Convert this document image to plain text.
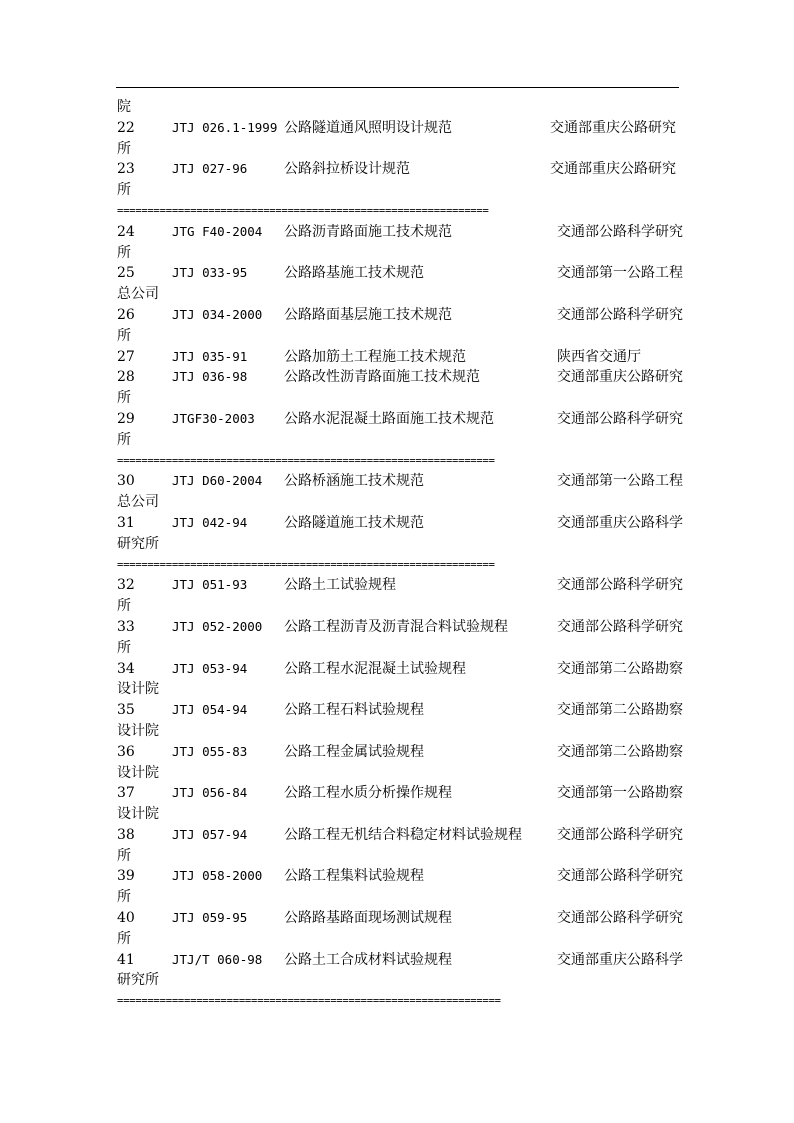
院
22	JTJ 026.1-1999 公路隧道通风照明设计规范	交通部重庆公路研究
所
23	JTJ 027-96	公路斜拉桥设计规范	交通部重庆公路研究
所
=============================================================
24	JTG F40-2004 公路沥青路面施工技术规范	交通部公路科学研究
所
25	JTJ 033-95	公路路基施工技术规范	交通部第一公路工程
总公司
26	JTJ 034-2000 公路路面基层施工技术规范	交通部公路科学研究
所
27	JTJ 035-91	公路加筋土工程施工技术规范	陕西省交通厅
28	JTJ 036-98	公路改性沥青路面施工技术规范	交通部重庆公路研究
所
29	JTGF30-2003 公路水泥混凝土路面施工技术规范	交通部公路科学研究
所
==============================================================
30	JTJ D60-2004 公路桥涵施工技术规范	交通部第一公路工程
总公司
31	JTJ 042-94	公路隧道施工技术规范	交通部重庆公路科学
研究所
==============================================================
32	JTJ 051-93	公路土工试验规程	交通部公路科学研究
所
33	JTJ 052-2000 公路工程沥青及沥青混合料试验规程	交通部公路科学研究
所
34	JTJ 053-94	公路工程水泥混凝土试验规程	交通部第二公路勘察
设计院
35	JTJ 054-94	公路工程石料试验规程	交通部第二公路勘察
设计院
36	JTJ 055-83	公路工程金属试验规程	交通部第二公路勘察
设计院
37	JTJ 056-84	公路工程水质分析操作规程	交通部第一公路勘察
设计院
38	JTJ 057-94	公路工程无机结合料稳定材料试验规程	交通部公路科学研究
所
39	JTJ 058-2000 公路工程集料试验规程	交通部公路科学研究
所
40	JTJ 059-95	公路路基路面现场测试规程	交通部公路科学研究
所
41	JTJ/T 060-98 公路土工合成材料试验规程	交通部重庆公路科学
研究所
===============================================================
